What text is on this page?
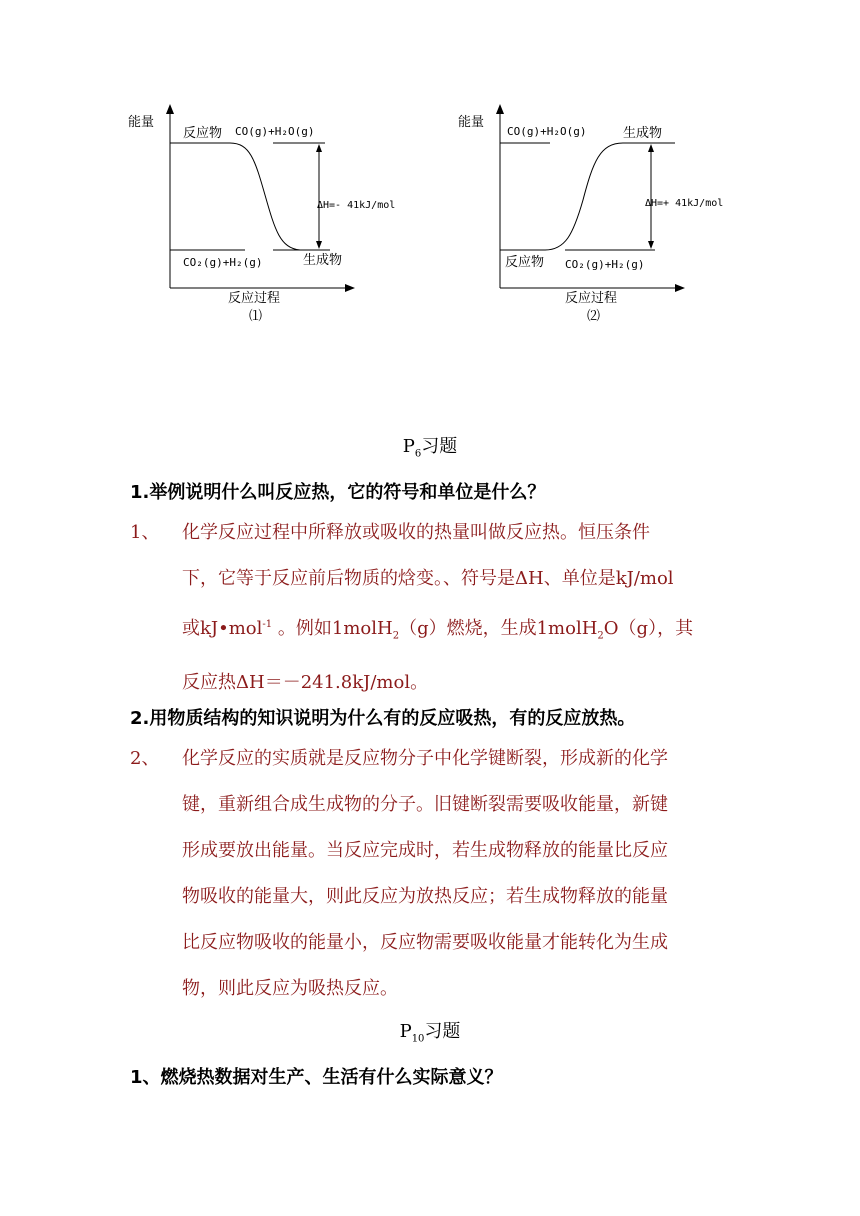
能量
反应过程
⑴
反应物 CO(g)+H₂O(g)
CO₂(g)+H₂(g)	生成物
ΔH=- 41kJ/mol
能量
反应过程
⑵
CO(g)+H₂O(g)	生成物
反应物 CO₂(g)+H₂(g)
ΔH=+ 41kJ/mol
$P_6$习题
1.举例说明什么叫反应热，它的符号和单位是什么？
1、	化学反应过程中所释放或吸收的热量叫做反应热。恒压条件
下，它等于反应前后物质的焓变。、符号是ΔH、单位是kJ/mol
或kJ•mol$^{-1}$ 。例如1molH$_2$（g）燃烧，生成1molH$_2$O（g），其
反应热ΔH＝－241.8kJ/mol。
2.用物质结构的知识说明为什么有的反应吸热，有的反应放热。
2、	化学反应的实质就是反应物分子中化学键断裂，形成新的化学
键，重新组合成生成物的分子。旧键断裂需要吸收能量，新键
形成要放出能量。当反应完成时，若生成物释放的能量比反应
物吸收的能量大，则此反应为放热反应；若生成物释放的能量
比反应物吸收的能量小，反应物需要吸收能量才能转化为生成
物，则此反应为吸热反应。
$P_{10}$习题
1、燃烧热数据对生产、生活有什么实际意义？
